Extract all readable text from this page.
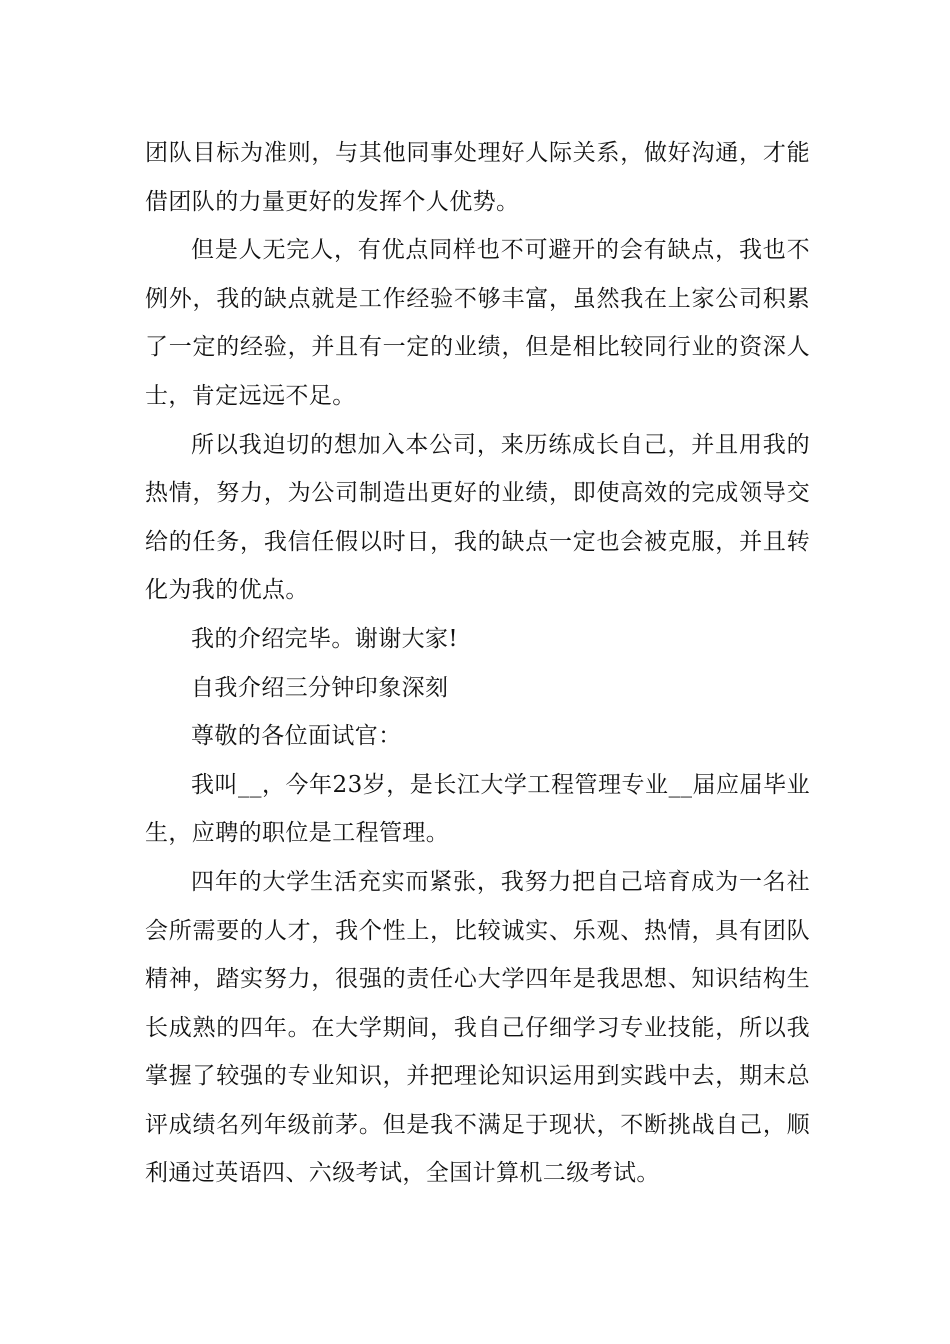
团队目标为准则，与其他同事处理好人际关系，做好沟通，才能借团队的力量更好的发挥个人优势。

但是人无完人，有优点同样也不可避开的会有缺点，我也不例外，我的缺点就是工作经验不够丰富，虽然我在上家公司积累了一定的经验，并且有一定的业绩，但是相比较同行业的资深人士，肯定远远不足。

所以我迫切的想加入本公司，来历练成长自己，并且用我的热情，努力，为公司制造出更好的业绩，即使高效的完成领导交给的任务，我信任假以时日，我的缺点一定也会被克服，并且转化为我的优点。

我的介绍完毕。谢谢大家!

自我介绍三分钟印象深刻

尊敬的各位面试官：

我叫__，今年23岁，是长江大学工程管理专业__届应届毕业生，应聘的职位是工程管理。

四年的大学生活充实而紧张，我努力把自己培育成为一名社会所需要的人才，我个性上，比较诚实、乐观、热情，具有团队精神，踏实努力，很强的责任心大学四年是我思想、知识结构生长成熟的四年。在大学期间，我自己仔细学习专业技能，所以我掌握了较强的专业知识，并把理论知识运用到实践中去，期末总评成绩名列年级前茅。但是我不满足于现状，不断挑战自己，顺利通过英语四、六级考试，全国计算机二级考试。
